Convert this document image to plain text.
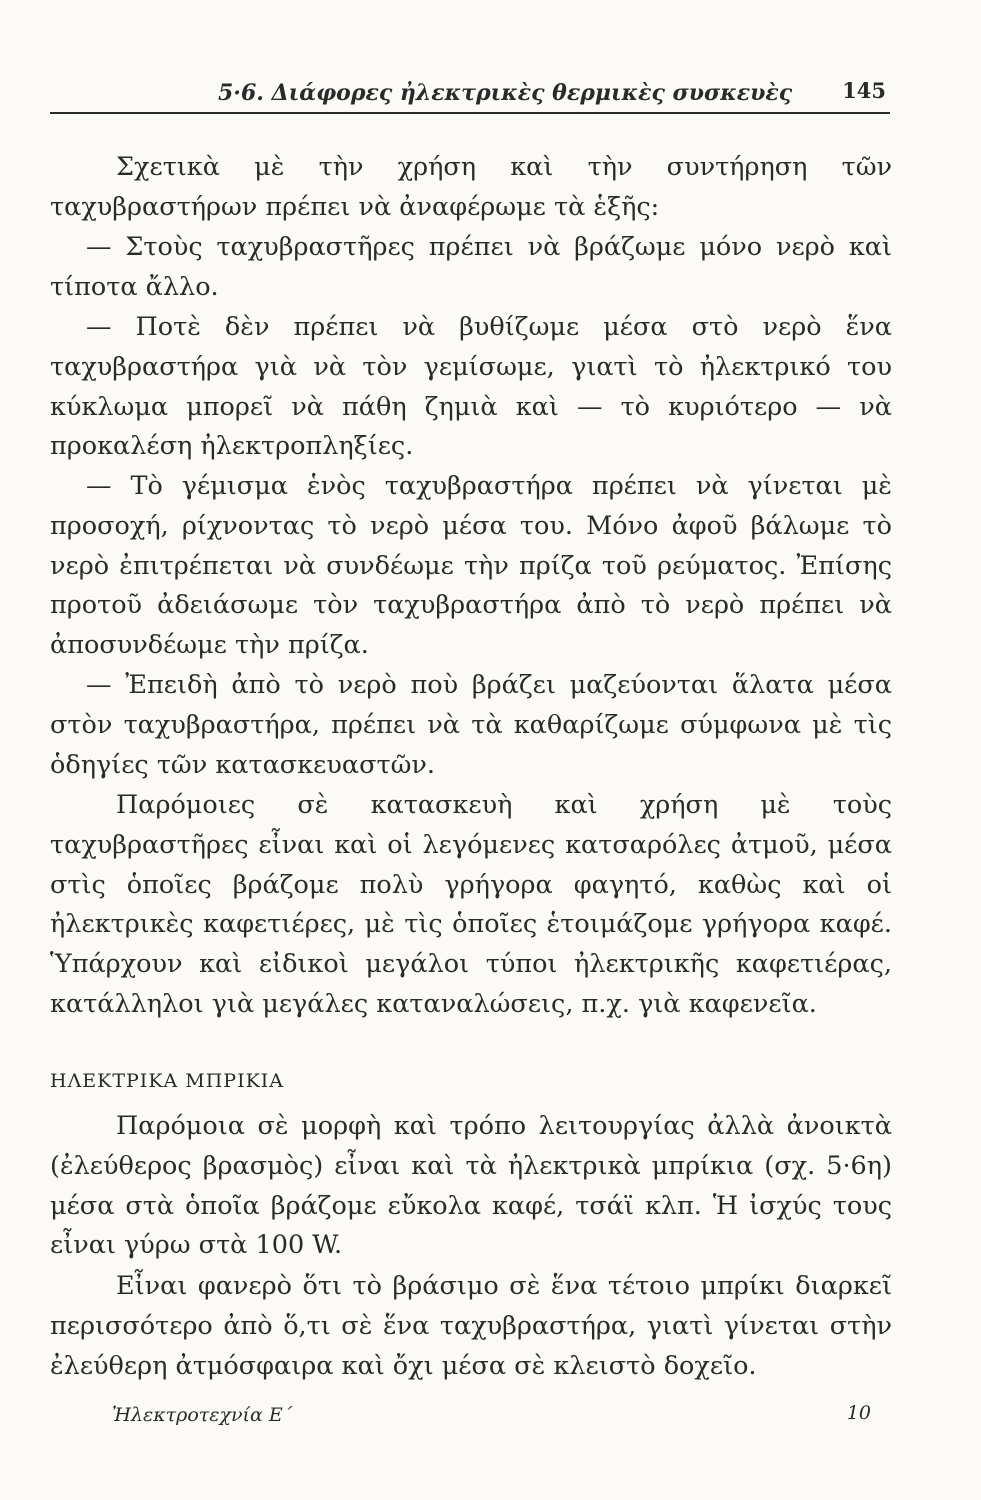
5·6. Διάφορες ἠλεκτρικὲς θερμικὲς συσκευὲς 145

Σχετικὰ μὲ τὴν χρήση καὶ τὴν συντήρηση τῶν ταχυβραστήρων πρέπει νὰ ἀναφέρωμε τὰ ἑξῆς:

— Στοὺς ταχυβραστῆρες πρέπει νὰ βράζωμε μόνο νερὸ καὶ τίποτα ἄλλο.

— Ποτὲ δὲν πρέπει νὰ βυθίζωμε μέσα στὸ νερὸ ἕνα ταχυβραστήρα γιὰ νὰ τὸν γεμίσωμε, γιατὶ τὸ ἠλεκτρικό του κύκλωμα μπορεῖ νὰ πάθη ζημιὰ καὶ — τὸ κυριότερο — νὰ προκαλέση ἠλεκτροπληξίες.

— Τὸ γέμισμα ἑνὸς ταχυβραστήρα πρέπει νὰ γίνεται μὲ προσοχή, ρίχνοντας τὸ νερὸ μέσα του. Μόνο ἀφοῦ βάλωμε τὸ νερὸ ἐπιτρέπεται νὰ συνδέωμε τὴν πρίζα τοῦ ρεύματος. Ἐπίσης προτοῦ ἀδειάσωμε τὸν ταχυβραστήρα ἀπὸ τὸ νερὸ πρέπει νὰ ἀποσυνδέωμε τὴν πρίζα.

— Ἐπειδὴ ἀπὸ τὸ νερὸ ποὺ βράζει μαζεύονται ἅλατα μέσα στὸν ταχυβραστήρα, πρέπει νὰ τὰ καθαρίζωμε σύμφωνα μὲ τὶς ὁδηγίες τῶν κατασκευαστῶν.

Παρόμοιες σὲ κατασκευὴ καὶ χρήση μὲ τοὺς ταχυβραστῆρες εἶναι καὶ οἱ λεγόμενες κατσαρόλες ἀτμοῦ, μέσα στὶς ὁποῖες βράζομε πολὺ γρήγορα φαγητό, καθὼς καὶ οἱ ἠλεκτρικὲς καφετιέρες, μὲ τὶς ὁποῖες ἑτοιμάζομε γρήγορα καφέ. Ὑπάρχουν καὶ εἰδικοὶ μεγάλοι τύποι ἠλεκτρικῆς καφετιέρας, κατάλληλοι γιὰ μεγάλες καταναλώσεις, π.χ. γιὰ καφενεῖα.

ΗΛΕΚΤΡΙΚΑ ΜΠΡΙΚΙΑ

Παρόμοια σὲ μορφὴ καὶ τρόπο λειτουργίας ἀλλὰ ἀνοικτὰ (ἐλεύθερος βρασμὸς) εἶναι καὶ τὰ ἠλεκτρικὰ μπρίκια (σχ. 5·6η) μέσα στὰ ὁποῖα βράζομε εὔκολα καφέ, τσάϊ κλπ. Ἡ ἰσχύς τους εἶναι γύρω στὰ 100 W.

Εἶναι φανερὸ ὅτι τὸ βράσιμο σὲ ἕνα τέτοιο μπρίκι διαρκεῖ περισσότερο ἀπὸ ὅ,τι σὲ ἕνα ταχυβραστήρα, γιατὶ γίνεται στὴν ἐλεύθερη ἀτμόσφαιρα καὶ ὄχι μέσα σὲ κλειστὸ δοχεῖο.

Ἠλεκτροτεχνία Ε΄	10
